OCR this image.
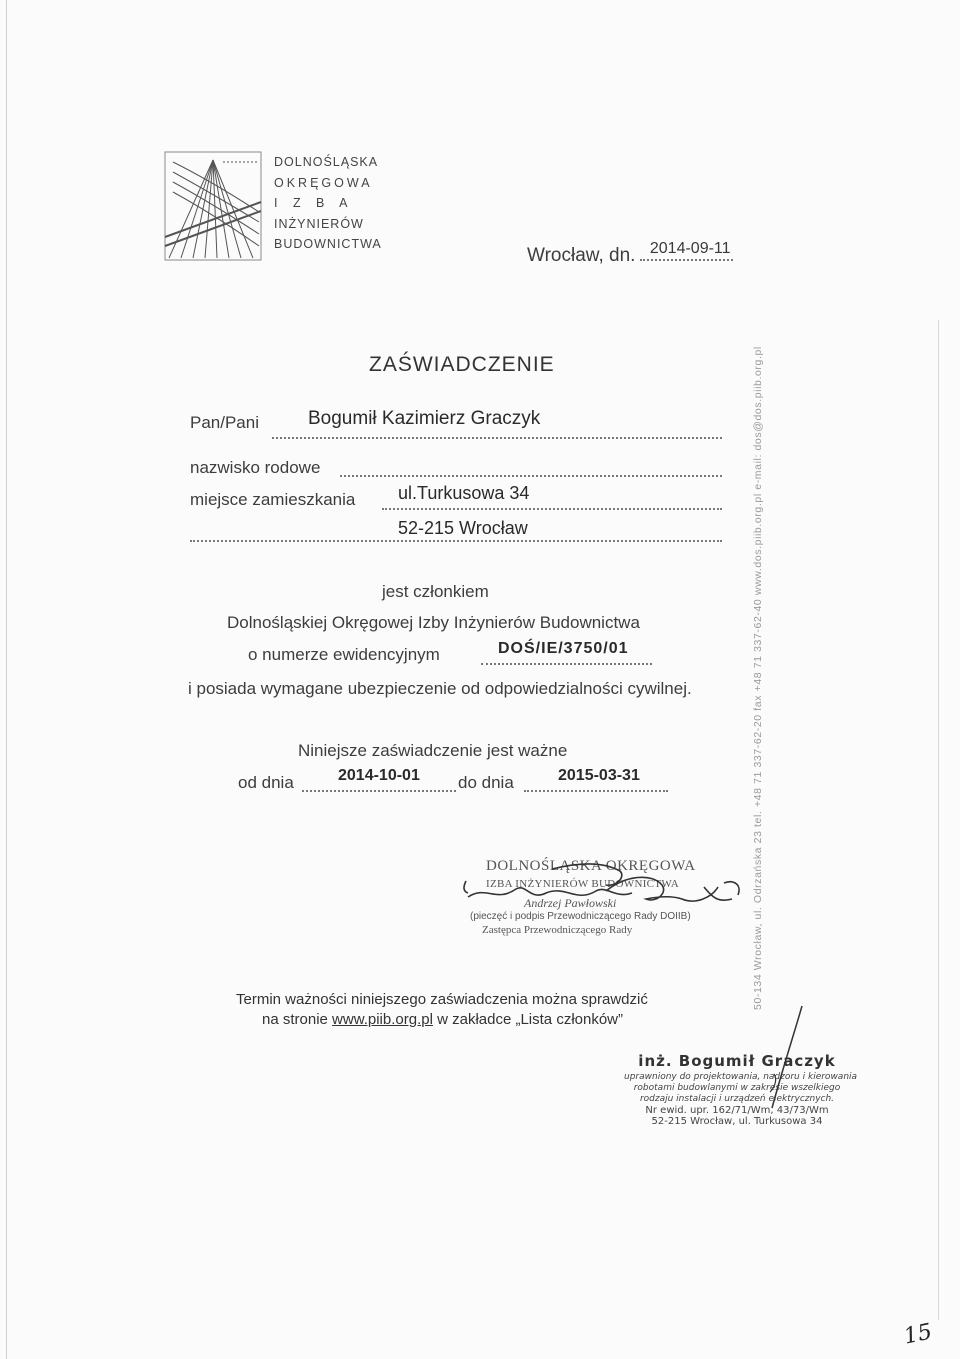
DOLNOŚLĄSKA
OKRĘGOWA
I Z B A
INŻYNIERÓW
BUDOWNICTWA
Wrocław, dn. 2014-09-11
ZAŚWIADCZENIE
Pan/Pani	Bogumił Kazimierz Graczyk
nazwisko rodowe
miejsce zamieszkania ul.Turkusowa 34
52-215 Wrocław
jest członkiem
Dolnośląskiej Okręgowej Izby Inżynierów Budownictwa
o numerze ewidencyjnym	DOŚ/IE/3750/01
i posiada wymagane ubezpieczenie od odpowiedzialności cywilnej.
Niniejsze zaświadczenie jest ważne
od dnia	2014-10-01 do dnia	2015-03-31
DOLNOŚLĄSKA OKRĘGOWA
IZBA INŻYNIERÓW BUDOWNICTWA
Andrzej Pawłowski
(pieczęć i podpis Przewodniczącego Rady DOIIB)
Zastępca Przewodniczącego Rady
Termin ważności niniejszego zaświadczenia można sprawdzić
na stronie www.piib.org.pl w zakładce „Lista członków”
inż. Bogumił Graczyk
uprawniony do projektowania, nadzoru i kierowania
robotami budowlanymi w zakresie wszelkiego
rodzaju instalacji i urządzeń elektrycznych.
Nr ewid. upr. 162/71/Wm, 43/73/Wm
52-215 Wrocław, ul. Turkusowa 34
50-134 Wrocław, ul. Odrzańska 23 tel. +48 71 337-62-20 fax +48 71 337-62-40 www.dos.piib.org.pl e-mail: dos@dos.piib.org.pl
15
